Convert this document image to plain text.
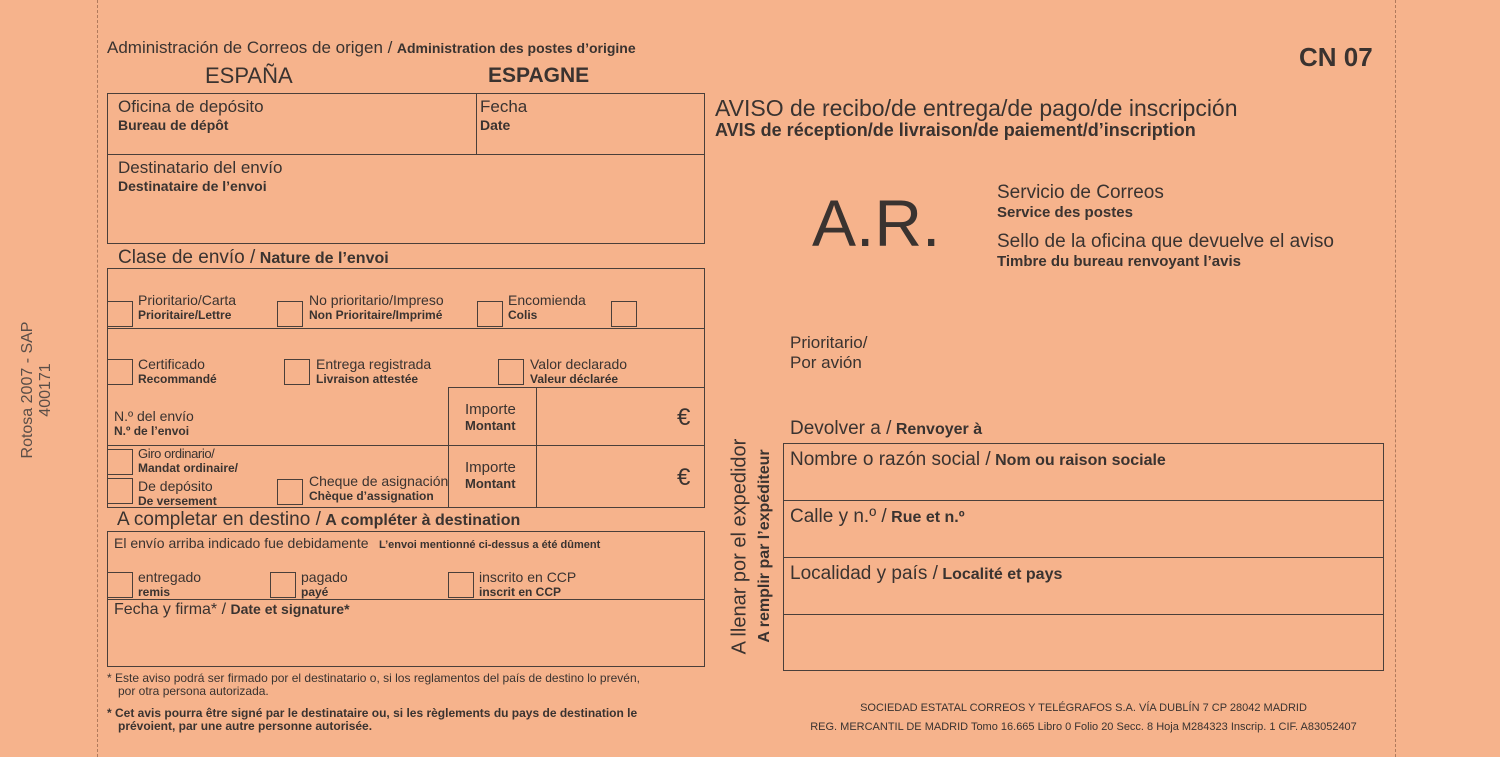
Rotosa 2007 - SAP 400171
Administración de Correos de origen / Administration des postes d’origine
ESPAÑA	ESPAGNE
CN 07
Oficina de depósito
Bureau de dépôt
Fecha
Date
Destinatario del envío
Destinataire de l’envoi
Clase de envío / Nature de l’envoi
Prioritario/Carta
Prioritaire/Lettre
No prioritario/Impreso
Non Prioritaire/Imprimé
Encomienda
Colis
Certificado
Recommandé
Entrega registrada
Livraison attestée
Valor declarado
Valeur déclarée
N.º del envío
N.º de l’envoi
Importe
Montant	€
Giro ordinario/
Mandat ordinaire/
De depósito
De versement
Cheque de asignación
Chèque d’assignation
Importe
Montant	€
A completar en destino / A compléter à destination
El envío arriba indicado fue debidamente L’envoi mentionné ci-dessus a été dûment
entregado
remis
pagado
payé
inscrito en CCP
inscrit en CCP
Fecha y firma* / Date et signature*
* Este aviso podrá ser firmado por el destinatario o, si los reglamentos del país de destino lo prevén,
por otra persona autorizada.
* Cet avis pourra être signé par le destinataire ou, si les règlements du pays de destination le
prévoient, par une autre personne autorisée.
A llenar por el expedidor A remplir par l’expéditeur
AVISO de recibo/de entrega/de pago/de inscripción
AVIS de réception/de livraison/de paiement/d’inscription
A.R.	Servicio de Correos
Service des postes
Sello de la oficina que devuelve el aviso
Timbre du bureau renvoyant l’avis
Prioritario/
Por avión
Devolver a / Renvoyer à
Nombre o razón social / Nom ou raison sociale
Calle y n.º / Rue et n.º
Localidad y país / Localité et pays
SOCIEDAD ESTATAL CORREOS Y TELÉGRAFOS S.A. VÍA DUBLÍN 7 CP 28042 MADRID
REG. MERCANTIL DE MADRID Tomo 16.665 Libro 0 Folio 20 Secc. 8 Hoja M284323 Inscrip. 1 CIF. A83052407
